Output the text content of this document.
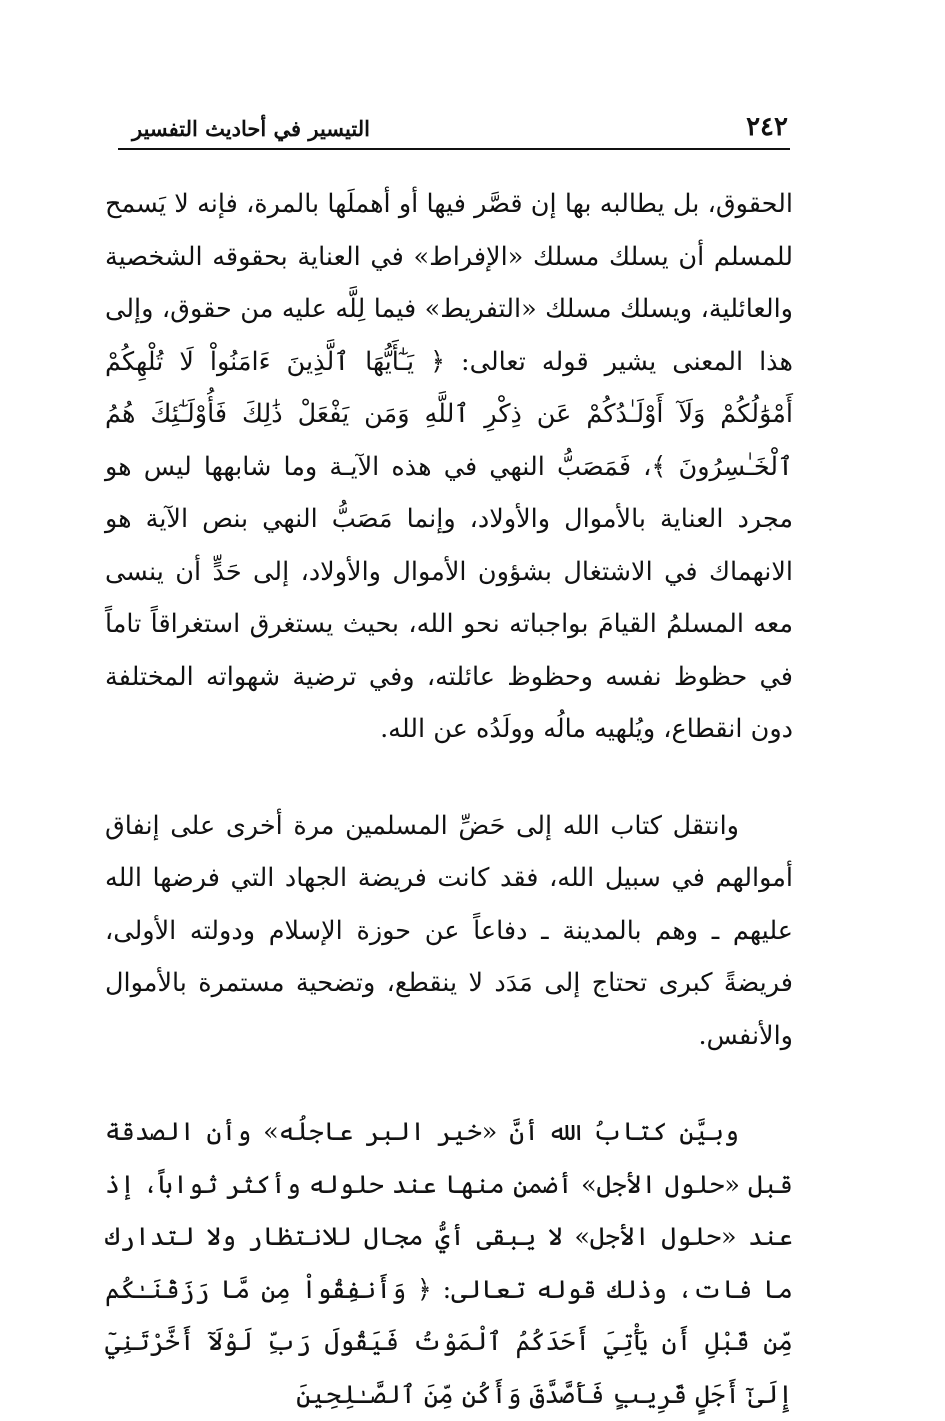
٢٤٢
التيسير في أحاديث التفسير

الحقوق، بل يطالبه بها إن قصَّر فيها أو أهملَها بالمرة، فإنه لا يَسمح للمسلم أن يسلك مسلك «الإفراط» في العناية بحقوقه الشخصية والعائلية، ويسلك مسلك «التفريط» فيما لِلَّه عليه من حقوق، وإلى هذا المعنى يشير قوله تعالى: ﴿ يَـٰٓأَيُّهَا ٱلَّذِينَ ءَامَنُواْ لَا تُلْهِكُمْ أَمْوَٰلُكُمْ وَلَآ أَوْلَـٰدُكُمْ عَن ذِكْرِ ٱللَّهِ وَمَن يَفْعَلْ ذَٰلِكَ فَأُوْلَـٰٓئِكَ هُمُ ٱلْخَـٰسِرُونَ ﴾، فَمَصَبُّ النهي في هذه الآيـة وما شابهها ليس هو مجرد العناية بالأموال والأولاد، وإنما مَصَبُّ النهي بنص الآية هو الانهماك في الاشتغال بشؤون الأموال والأولاد، إلى حَدٍّ أن ينسى معه المسلمُ القيامَ بواجباته نحو الله، بحيث يستغرق استغراقاً تاماً في حظوظ نفسه وحظوظ عائلته، وفي ترضية شهواته المختلفة دون انقطاع، ويُلهيه مالُه وولَدُه عن الله.

وانتقل كتاب الله إلى حَضِّ المسلمين مرة أخرى على إنفاق أموالهم في سبيل الله، فقد كانت فريضة الجهاد التي فرضها الله عليهم ـ وهم بالمدينة ـ دفاعاً عن حوزة الإسلام ودولته الأولى، فريضةً كبرى تحتاج إلى مَدَد لا ينقطع، وتضحية مستمرة بالأموال والأنفس.

وبيَّن كتابُ الله أنَّ «خير البر عاجلُه» وأن الصدقة قبل «حلول الأجل» أضمن منها عند حلوله وأكثر ثواباً، إذ عند «حلول الأجل» لا يبقى أيُّ مجال للانتظار ولا لتدارك ما فات، وذلك قوله تعالى: ﴿ وَأَنفِقُواْ مِن مَّا رَزَقْنَـٰكُم مِّن قَبْلِ أَن يَأْتِيَ أَحَدَكُمُ ٱلْمَوْتُ فَيَقُولَ رَبِّ لَوْلَآ أَخَّرْتَنِيٓ إِلَىٰٓ أَجَلٍ قَرِيبٍ فَأَصَّدَّقَ وَأَكُن مِّنَ ٱلصَّـٰلِحِينَ
